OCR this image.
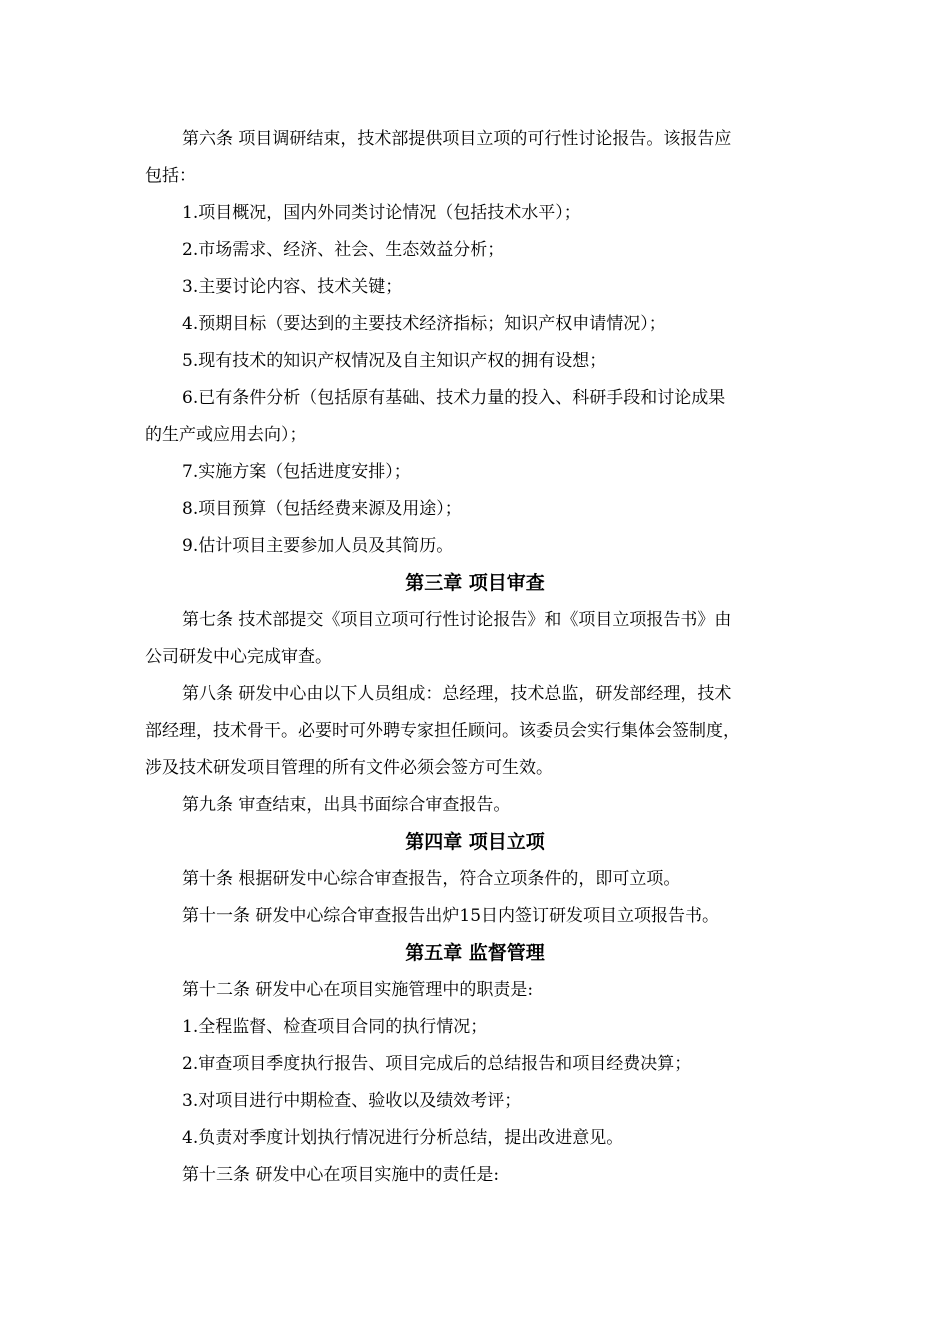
第六条 项目调研结束，技术部提供项目立项的可行性讨论报告。该报告应
包括：
1.项目概况，国内外同类讨论情况（包括技术水平）；
2.市场需求、经济、社会、生态效益分析；
3.主要讨论内容、技术关键；
4.预期目标（要达到的主要技术经济指标；知识产权申请情况）；
5.现有技术的知识产权情况及自主知识产权的拥有设想；
6.已有条件分析（包括原有基础、技术力量的投入、科研手段和讨论成果
的生产或应用去向）；
7.实施方案（包括进度安排）；
8.项目预算（包括经费来源及用途）；
9.估计项目主要参加人员及其简历。
第三章 项目审查
第七条 技术部提交《项目立项可行性讨论报告》和《项目立项报告书》由
公司研发中心完成审查。
第八条 研发中心由以下人员组成：总经理，技术总监，研发部经理，技术
部经理，技术骨干。必要时可外聘专家担任顾问。该委员会实行集体会签制度，
涉及技术研发项目管理的所有文件必须会签方可生效。
第九条 审查结束，出具书面综合审查报告。
第四章 项目立项
第十条 根据研发中心综合审查报告，符合立项条件的，即可立项。
第十一条 研发中心综合审查报告出炉15日内签订研发项目立项报告书。
第五章 监督管理
第十二条 研发中心在项目实施管理中的职责是:
1.全程监督、检查项目合同的执行情况；
2.审查项目季度执行报告、项目完成后的总结报告和项目经费决算；
3.对项目进行中期检查、验收以及绩效考评；
4.负责对季度计划执行情况进行分析总结，提出改进意见。
第十三条 研发中心在项目实施中的责任是:
